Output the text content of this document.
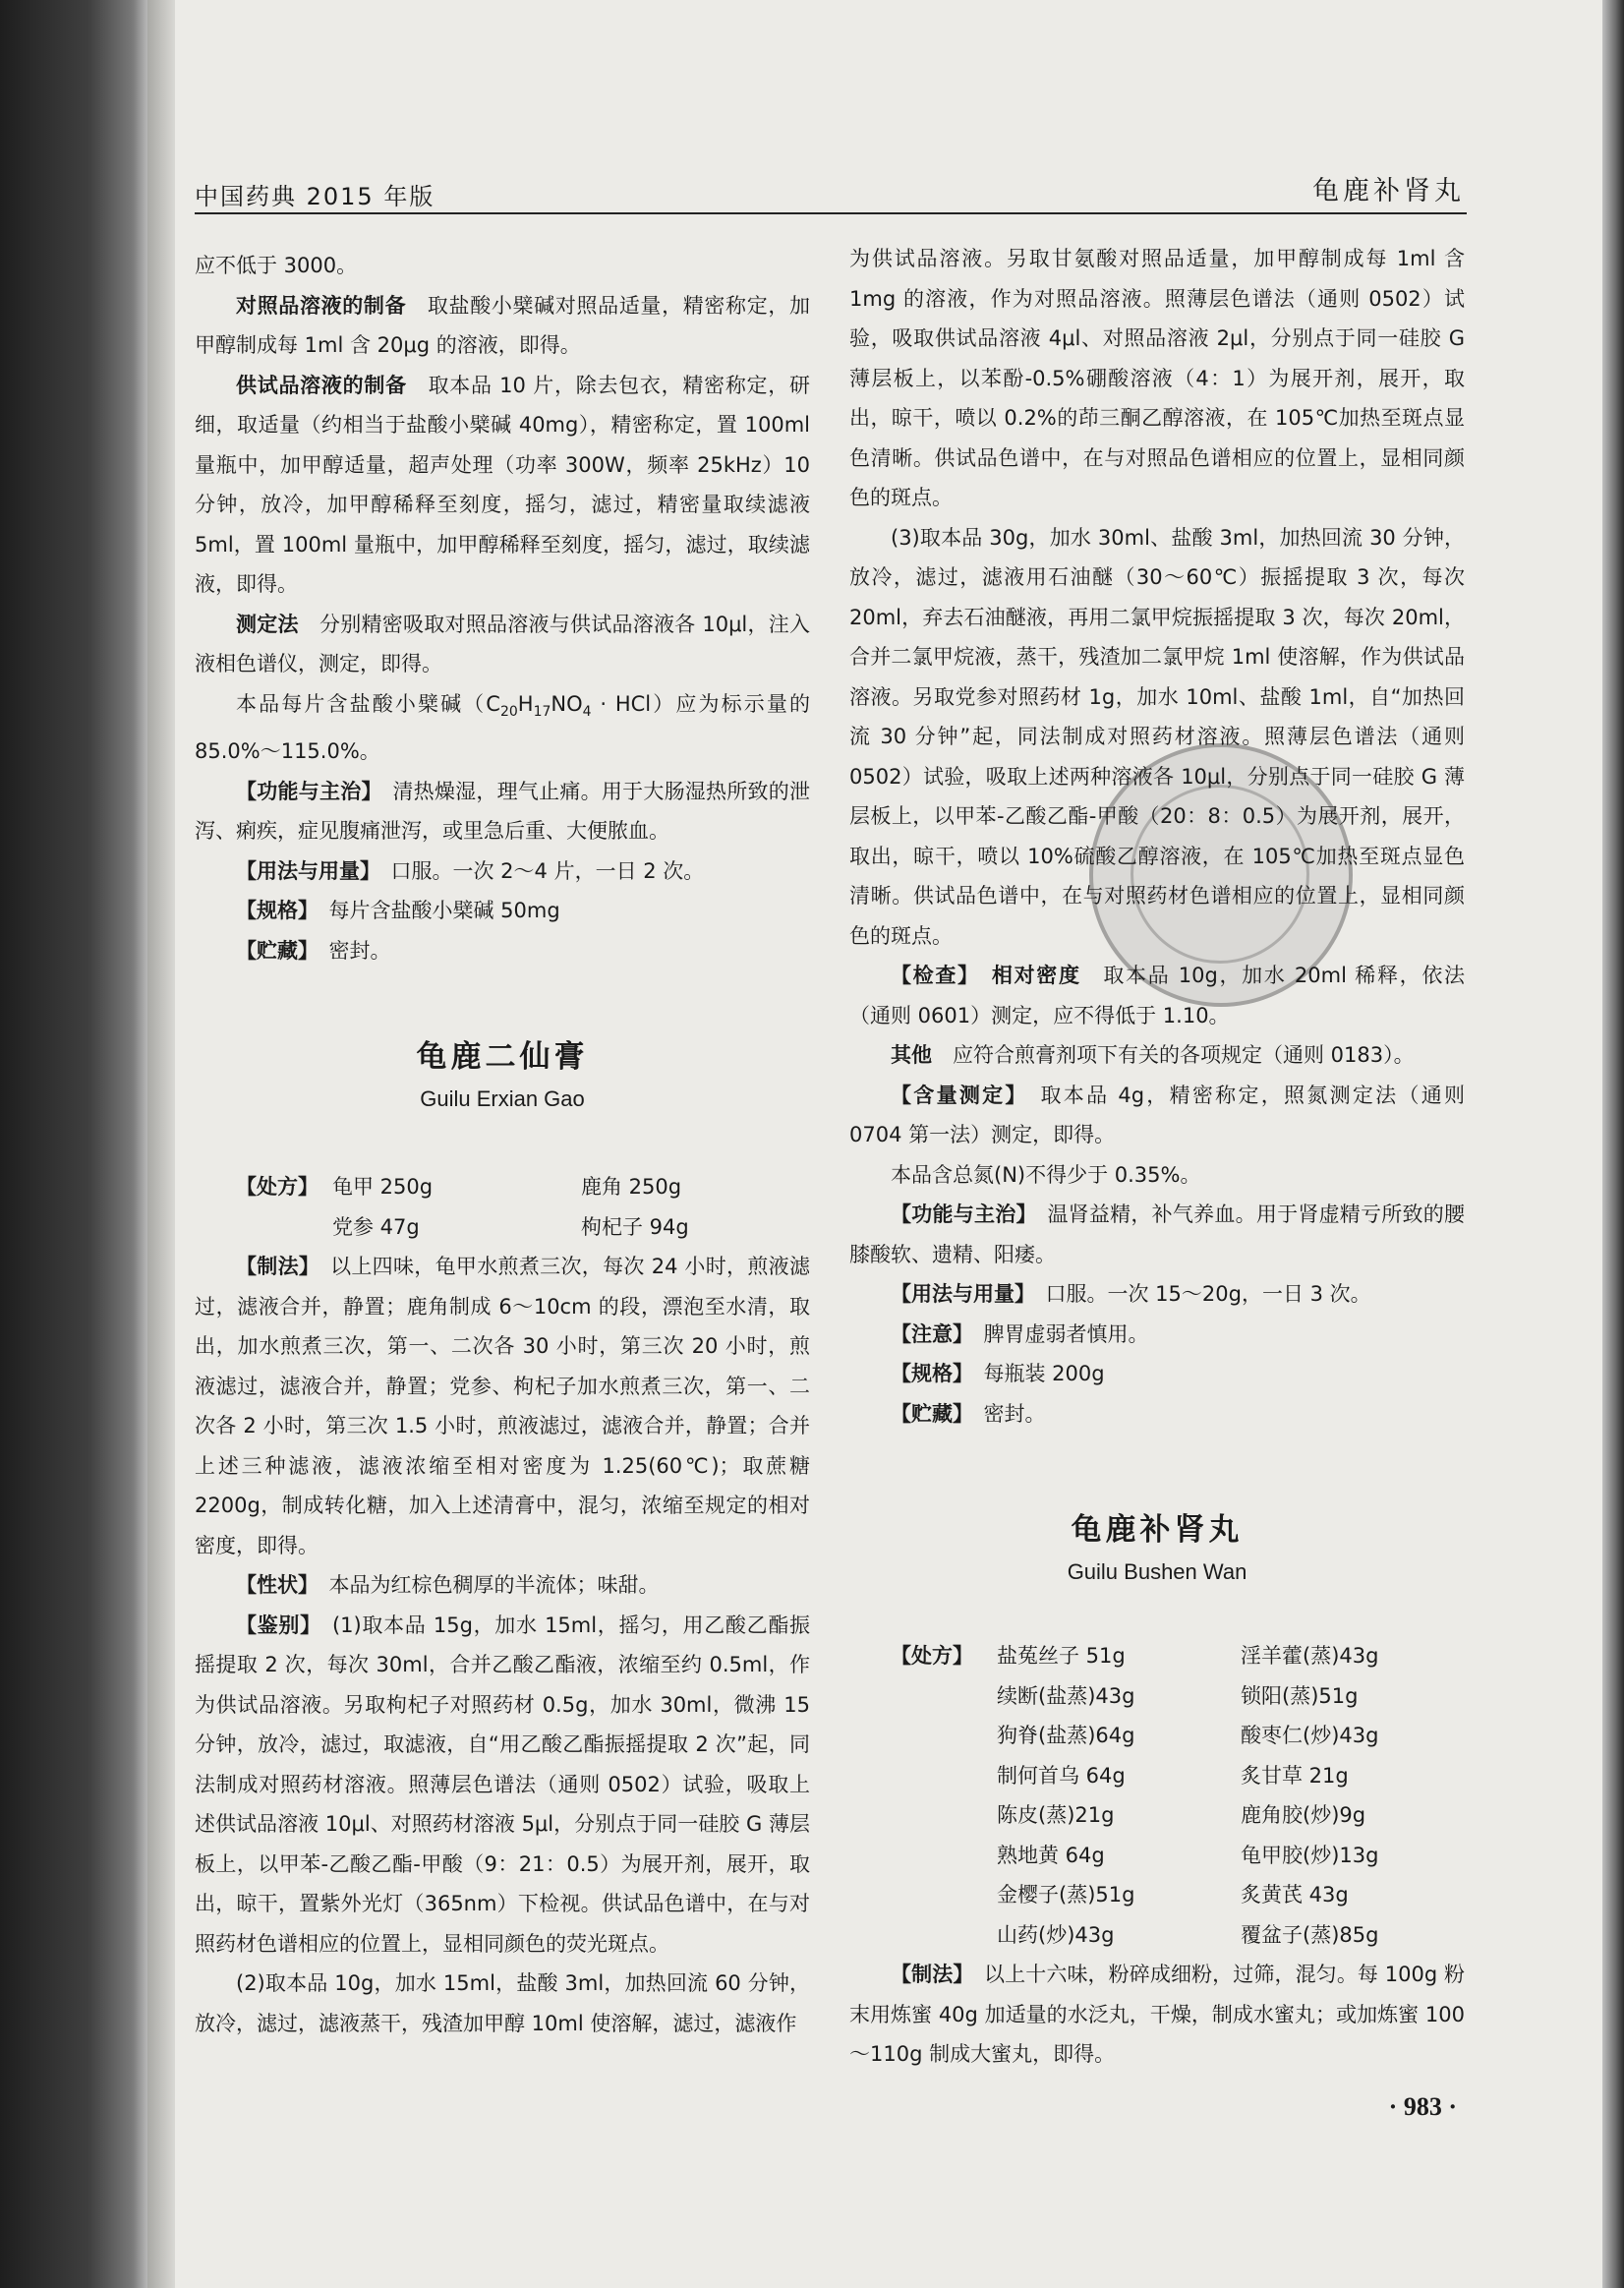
中国药典 2015 年版	龟鹿补肾丸

应不低于 3000。

对照品溶液的制备　 取盐酸小檗碱对照品适量，精密称定，加甲醇制成每 1ml 含 20μg 的溶液，即得。

供试品溶液的制备　 取本品 10 片，除去包衣，精密称定，研细，取适量（约相当于盐酸小檗碱 40mg），精密称定，置 100ml 量瓶中，加甲醇适量，超声处理（功率 300W，频率 25kHz）10 分钟，放冷，加甲醇稀释至刻度，摇匀，滤过，精密量取续滤液 5ml，置 100ml 量瓶中，加甲醇稀释至刻度，摇匀，滤过，取续滤液，即得。

测定法　 分别精密吸取对照品溶液与供试品溶液各 10μl，注入液相色谱仪，测定，即得。

本品每片含盐酸小檗碱$(C_{20}H_{17}NO_4 \cdot HCl)$应为标示量的 85.0%～115.0%。

【功能与主治】　 清热燥湿，理气止痛。用于大肠湿热所致的泄泻、痢疾，症见腹痛泄泻，或里急后重、大便脓血。

【用法与用量】　 口服。一次 2～4 片，一日 2 次。

【规格】　 每片含盐酸小檗碱 50mg

【贮藏】　 密封。

龟鹿二仙膏
Guilu Erxian Gao
【处方】 龟甲 250g	鹿角 250g
党参 47g	枸杞子 94g

【制法】　 以上四味，龟甲水煎煮三次，每次 24 小时，煎液滤过，滤液合并，静置；鹿角制成 6～10cm 的段，漂泡至水清，取出，加水煎煮三次，第一、二次各 30 小时，第三次 20 小时，煎液滤过，滤液合并，静置；党参、枸杞子加水煎煮三次，第一、二次各 2 小时，第三次 1.5 小时，煎液滤过，滤液合并，静置；合并上述三种滤液，滤液浓缩至相对密度为 1.25(60℃)；取蔗糖 2200g，制成转化糖，加入上述清膏中，混匀，浓缩至规定的相对密度，即得。

【性状】　 本品为红棕色稠厚的半流体；味甜。

【鉴别】　 (1)取本品 15g，加水 15ml，摇匀，用乙酸乙酯振摇提取 2 次，每次 30ml，合并乙酸乙酯液，浓缩至约 0.5ml，作为供试品溶液。另取枸杞子对照药材 0.5g，加水 30ml，微沸 15 分钟，放冷，滤过，取滤液，自“用乙酸乙酯振摇提取 2 次”起，同法制成对照药材溶液。照薄层色谱法（通则 0502）试验，吸取上述供试品溶液 10μl、对照药材溶液 5μl，分别点于同一硅胶 G 薄层板上，以甲苯-乙酸乙酯-甲酸（9：21：0.5）为展开剂，展开，取出，晾干，置紫外光灯（365nm）下检视。供试品色谱中，在与对照药材色谱相应的位置上，显相同颜色的荧光斑点。

(2)取本品 10g，加水 15ml，盐酸 3ml，加热回流 60 分钟，放冷，滤过，滤液蒸干，残渣加甲醇 10ml 使溶解，滤过，滤液作

为供试品溶液。另取甘氨酸对照品适量，加甲醇制成每 1ml 含 1mg 的溶液，作为对照品溶液。照薄层色谱法（通则 0502）试验，吸取供试品溶液 4μl、对照品溶液 2μl，分别点于同一硅胶 G 薄层板上，以苯酚-0.5%硼酸溶液（4：1）为展开剂，展开，取出，晾干，喷以 0.2%的茚三酮乙醇溶液，在 105℃加热至斑点显色清晰。供试品色谱中，在与对照品色谱相应的位置上，显相同颜色的斑点。

(3)取本品 30g，加水 30ml、盐酸 3ml，加热回流 30 分钟，放冷，滤过，滤液用石油醚（30～60℃）振摇提取 3 次，每次 20ml，弃去石油醚液，再用二氯甲烷振摇提取 3 次，每次 20ml，合并二氯甲烷液，蒸干，残渣加二氯甲烷 1ml 使溶解，作为供试品溶液。另取党参对照药材 1g，加水 10ml、盐酸 1ml，自“加热回流 30 分钟”起，同法制成对照药材溶液。照薄层色谱法（通则 0502）试验，吸取上述两种溶液各 10μl，分别点于同一硅胶 G 薄层板上，以甲苯-乙酸乙酯-甲酸（20：8：0.5）为展开剂，展开，取出，晾干，喷以 10%硫酸乙醇溶液，在 105℃加热至斑点显色清晰。供试品色谱中，在与对照药材色谱相应的位置上，显相同颜色的斑点。

【检查】　 相对密度　 取本品 10g，加水 20ml 稀释，依法（通则 0601）测定，应不得低于 1.10。

其他　 应符合煎膏剂项下有关的各项规定（通则 0183）。

【含量测定】　 取本品 4g，精密称定，照氮测定法（通则 0704 第一法）测定，即得。

本品含总氮(N)不得少于 0.35%。

【功能与主治】　 温肾益精，补气养血。用于肾虚精亏所致的腰膝酸软、遗精、阳痿。

【用法与用量】　 口服。一次 15～20g，一日 3 次。

【注意】　 脾胃虚弱者慎用。

【规格】　 每瓶装 200g

【贮藏】　 密封。

龟鹿补肾丸
Guilu Bushen Wan
【处方】	盐菟丝子 51g	淫羊藿(蒸)43g
续断(盐蒸)43g	锁阳(蒸)51g
狗脊(盐蒸)64g	酸枣仁(炒)43g
制何首乌 64g	炙甘草 21g
陈皮(蒸)21g	鹿角胶(炒)9g
熟地黄 64g	龟甲胶(炒)13g
金樱子(蒸)51g	炙黄芪 43g
山药(炒)43g	覆盆子(蒸)85g

【制法】　 以上十六味，粉碎成细粉，过筛，混匀。每 100g 粉末用炼蜜 40g 加适量的水泛丸，干燥，制成水蜜丸；或加炼蜜 100～110g 制成大蜜丸，即得。

· 983 ·
